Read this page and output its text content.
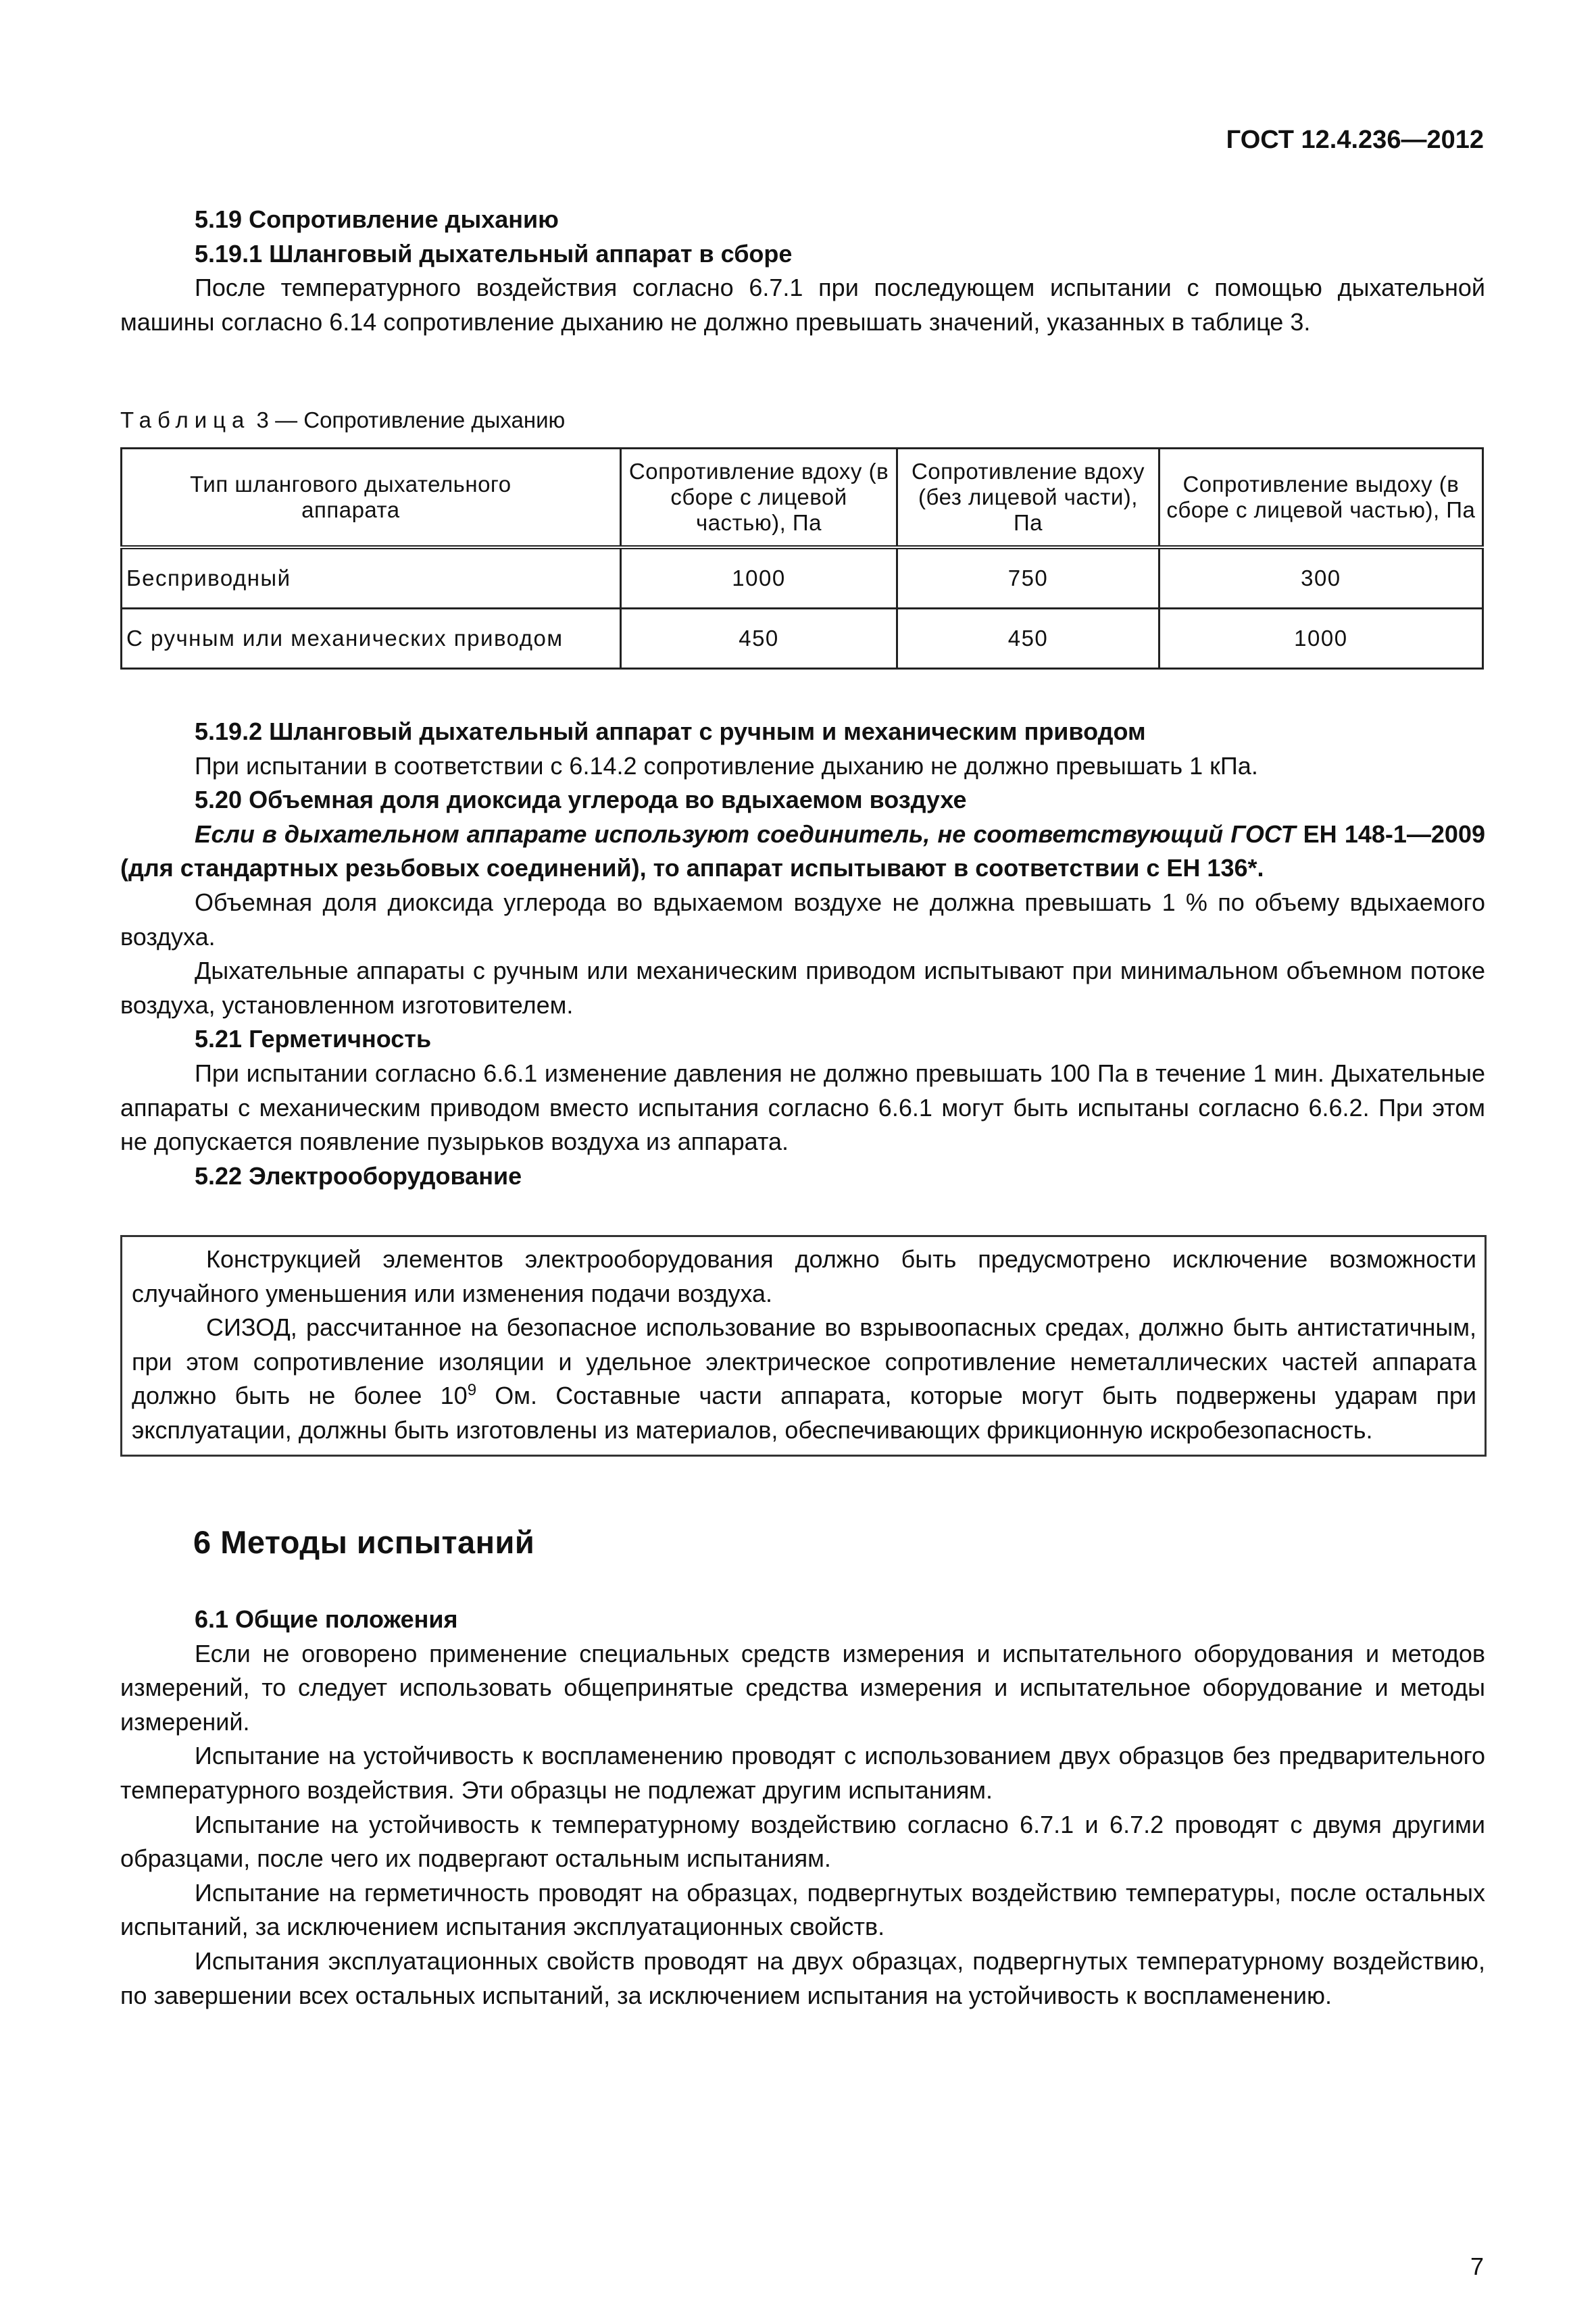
ГОСТ 12.4.236—2012

5.19 Сопротивление дыханию

5.19.1 Шланговый дыхательный аппарат в сборе

После температурного воздействия согласно 6.7.1 при последующем испытании с помощью дыхательной машины согласно 6.14 сопротивление дыханию не должно превышать значений, указанных в таблице 3.

Таблица 3 — Сопротивление дыханию
Тип шлангового дыхательного аппарата	Сопротивление вдоху (в сборе с лицевой частью), Па	Сопротивление вдоху (без лицевой части), Па	Сопротивление выдоху (в сборе с лицевой частью), Па
Бесприводный	1000	750	300
С ручным или механических приводом	450	450	1000

5.19.2 Шланговый дыхательный аппарат с ручным и механическим приводом

При испытании в соответствии с 6.14.2 сопротивление дыханию не должно превышать 1 кПа.

5.20 Объемная доля диоксида углерода во вдыхаемом воздухе

Если в дыхательном аппарате используют соединитель, не соответствующий ГОСТ ЕН 148-1—2009 (для стандартных резьбовых соединений), то аппарат испытывают в соответствии с ЕН 136*.

Объемная доля диоксида углерода во вдыхаемом воздухе не должна превышать 1 % по объему вдыхаемого воздуха.

Дыхательные аппараты с ручным или механическим приводом испытывают при минимальном объемном потоке воздуха, установленном изготовителем.

5.21 Герметичность

При испытании согласно 6.6.1 изменение давления не должно превышать 100 Па в течение 1 мин. Дыхательные аппараты с механическим приводом вместо испытания согласно 6.6.1 могут быть испытаны согласно 6.6.2. При этом не допускается появление пузырьков воздуха из аппарата.

5.22 Электрооборудование

Конструкцией элементов электрооборудования должно быть предусмотрено исключение возможности случайного уменьшения или изменения подачи воздуха.

СИЗОД, рассчитанное на безопасное использование во взрывоопасных средах, должно быть антистатичным, при этом сопротивление изоляции и удельное электрическое сопротивление неметаллических частей аппарата должно быть не более $10^9$ Ом. Составные части аппарата, которые могут быть подвержены ударам при эксплуатации, должны быть изготовлены из материалов, обеспечивающих фрикционную искробезопасность.

6 Методы испытаний

6.1 Общие положения

Если не оговорено применение специальных средств измерения и испытательного оборудования и методов измерений, то следует использовать общепринятые средства измерения и испытательное оборудование и методы измерений.

Испытание на устойчивость к воспламенению проводят с использованием двух образцов без предварительного температурного воздействия. Эти образцы не подлежат другим испытаниям.

Испытание на устойчивость к температурному воздействию согласно 6.7.1 и 6.7.2 проводят с двумя другими образцами, после чего их подвергают остальным испытаниям.

Испытание на герметичность проводят на образцах, подвергнутых воздействию температуры, после остальных испытаний, за исключением испытания эксплуатационных свойств.

Испытания эксплуатационных свойств проводят на двух образцах, подвергнутых температурному воздействию, по завершении всех остальных испытаний, за исключением испытания на устойчивость к воспламенению.

7
